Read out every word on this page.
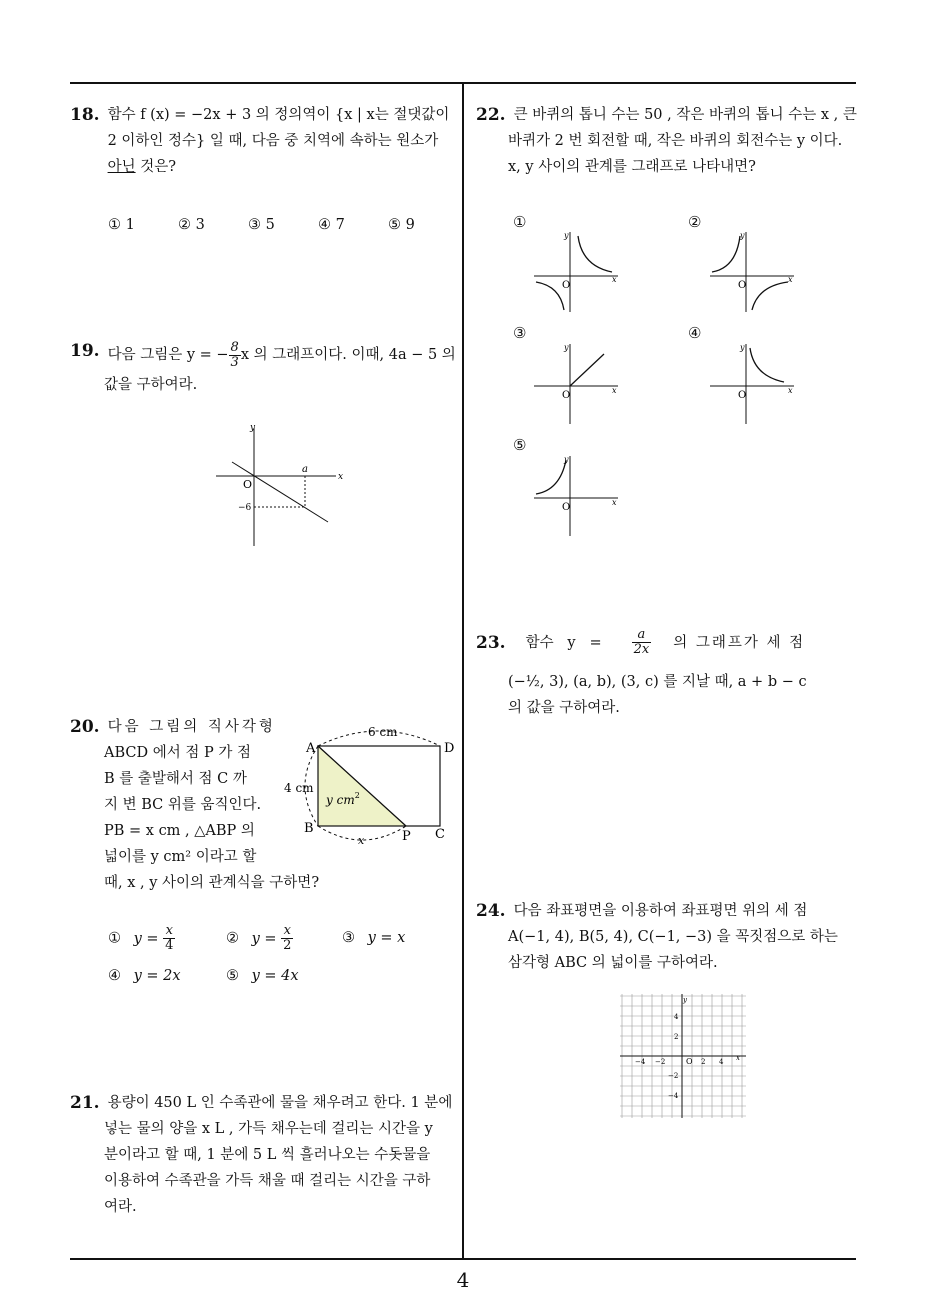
4
18. 함수 f (x) = −2x + 3 의 정의역이 {x | x는 절댓값이
2 이하인 정수} 일 때, 다음 중 치역에 속하는 원소가
아닌 것은?
① 1	② 3	③ 5	④ 7	⑤ 9
19. 다음 그림은 y = − $\frac{8}{3}$ x 의 그래프이다. 이때, 4a − 5 의
값을 구하여라.
y
x
O
a
−6
20. 다음 그림의 직사각형
ABCD 에서 점 P 가 점
B 를 출발해서 점 C 까
지 변 BC 위를 움직인다.
PB = x cm , △ABP 의
넓이를 y cm² 이라고 할
때, x , y 사이의 관계식을 구하면?
A	D
B	C
P
6 cm
4 cm
y $cm^2$
x
① $y = \frac{x}{4}$	② $y = \frac{x}{2}$	③ y = x
④ y = 2x	⑤ y = 4x
21. 용량이 450 L 인 수족관에 물을 채우려고 한다. 1 분에
넣는 물의 양을 x L , 가득 채우는데 걸리는 시간을 y
분이라고 할 때, 1 분에 5 L 씩 흘러나오는 수돗물을
이용하여 수족관을 가득 채울 때 걸리는 시간을 구하
여라.
22. 큰 바퀴의 톱니 수는 50 , 작은 바퀴의 톱니 수는 x , 큰
바퀴가 2 번 회전할 때, 작은 바퀴의 회전수는 y 이다.
x, y 사이의 관계를 그래프로 나타내면?
①
y
x
O
②
y
x
O
③
y
x
O
④
y
x
O
⑤
y
x
O
23. 함수   $y = \frac{a}{2x}$ 의 그래프가 세 점
(−½, 3), (a, b), (3, c) 를 지날 때, a + b − c
의 값을 구하여라.
24. 다음 좌표평면을 이용하여 좌표평면 위의 세 점
A(−1, 4), B(5, 4), C(−1, −3) 을 꼭짓점으로 하는
삼각형 ABC 의 넓이를 구하여라.
y
x
O
−4 −2	2 4
4
2
−2
−4
